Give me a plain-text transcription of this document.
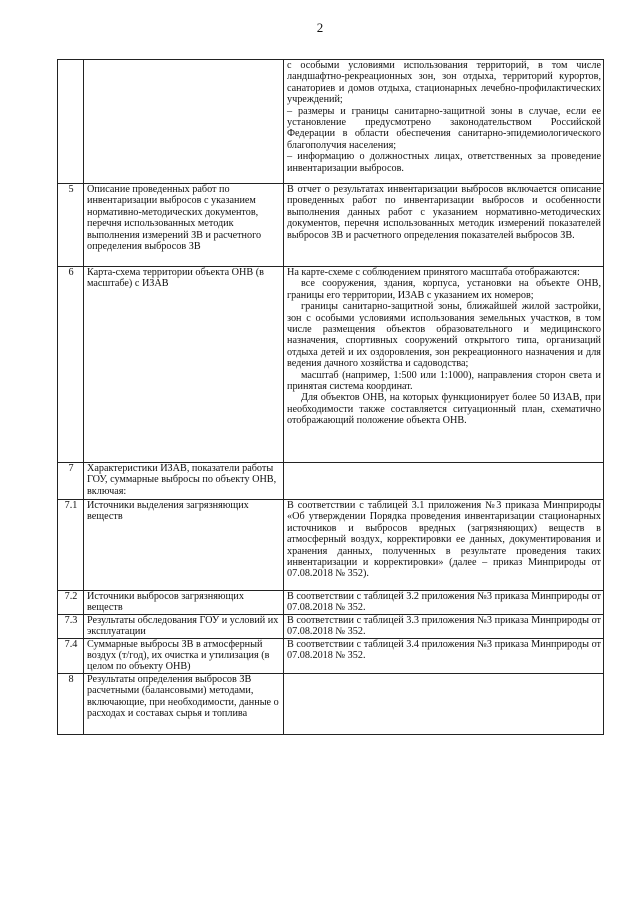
2

		с особыми условиями использования территорий, в том числе ландшафтно-рекреационных зон, зон отдыха, территорий курортов, санаториев и домов отдыха, стационарных лечебно-профилактических учреждений;
– размеры и границы санитарно-защитной зоны в случае, если ее установление предусмотрено законодательством Российской Федерации в области обеспечения санитарно-эпидемиологического благополучия населения;
– информацию о должностных лицах, ответственных за проведение инвентаризации выбросов.

5	Описание проведенных работ по инвентаризации выбросов с указанием нормативно-методических документов, перечня использованных методик выполнения измерений ЗВ и расчетного определения выбросов ЗВ	В отчет о результатах инвентаризации выбросов включается описание проведенных работ по инвентаризации выбросов и особенности выполнения данных работ с указанием нормативно-методических документов, перечня использованных методик измерений показателей выбросов ЗВ и расчетного определения показателей выбросов ЗВ.

6	Карта-схема территории объекта ОНВ (в масштабе) с ИЗАВ	На карте-схеме с соблюдением принятого масштаба отображаются:
все сооружения, здания, корпуса, установки на объекте ОНВ, границы его территории, ИЗАВ с указанием их номеров;
границы санитарно-защитной зоны, ближайшей жилой застройки, зон с особыми условиями использования земельных участков, в том числе размещения объектов образовательного и медицинского назначения, спортивных сооружений открытого типа, организаций отдыха детей и их оздоровления, зон рекреационного назначения и для ведения дачного хозяйства и садоводства;
масштаб (например, 1:500 или 1:1000), направления сторон света и принятая система координат.
Для объектов ОНВ, на которых функционирует более 50 ИЗАВ, при необходимости также составляется ситуационный план, схематично отображающий положение объекта ОНВ.

7	Характеристики ИЗАВ, показатели работы ГОУ, суммарные выбросы по объекту ОНВ, включая:	
7.1	Источники выделения загрязняющих веществ	В соответствии с таблицей 3.1 приложения №3 приказа Минприроды «Об утверждении Порядка проведения инвентаризации стационарных источников и выбросов вредных (загрязняющих) веществ в атмосферный воздух, корректировки ее данных, документирования и хранения данных, полученных в результате проведения таких инвентаризации и корректировки» (далее – приказ Минприроды от 07.08.2018 № 352).

7.2	Источники выбросов загрязняющих веществ	В соответствии с таблицей 3.2 приложения №3 приказа Минприроды от 07.08.2018 № 352.

7.3	Результаты обследования ГОУ и условий их эксплуатации	В соответствии с таблицей 3.3 приложения №3 приказа Минприроды от 07.08.2018 № 352.

7.4	Суммарные выбросы ЗВ в атмосферный воздух (т/год), их очистка и утилизация (в целом по объекту ОНВ)	В соответствии с таблицей 3.4 приложения №3 приказа Минприроды от 07.08.2018 № 352.

8	Результаты определения выбросов ЗВ расчетными (балансовыми) методами, включающие, при необходимости, данные о расходах и составах сырья и топлива	
